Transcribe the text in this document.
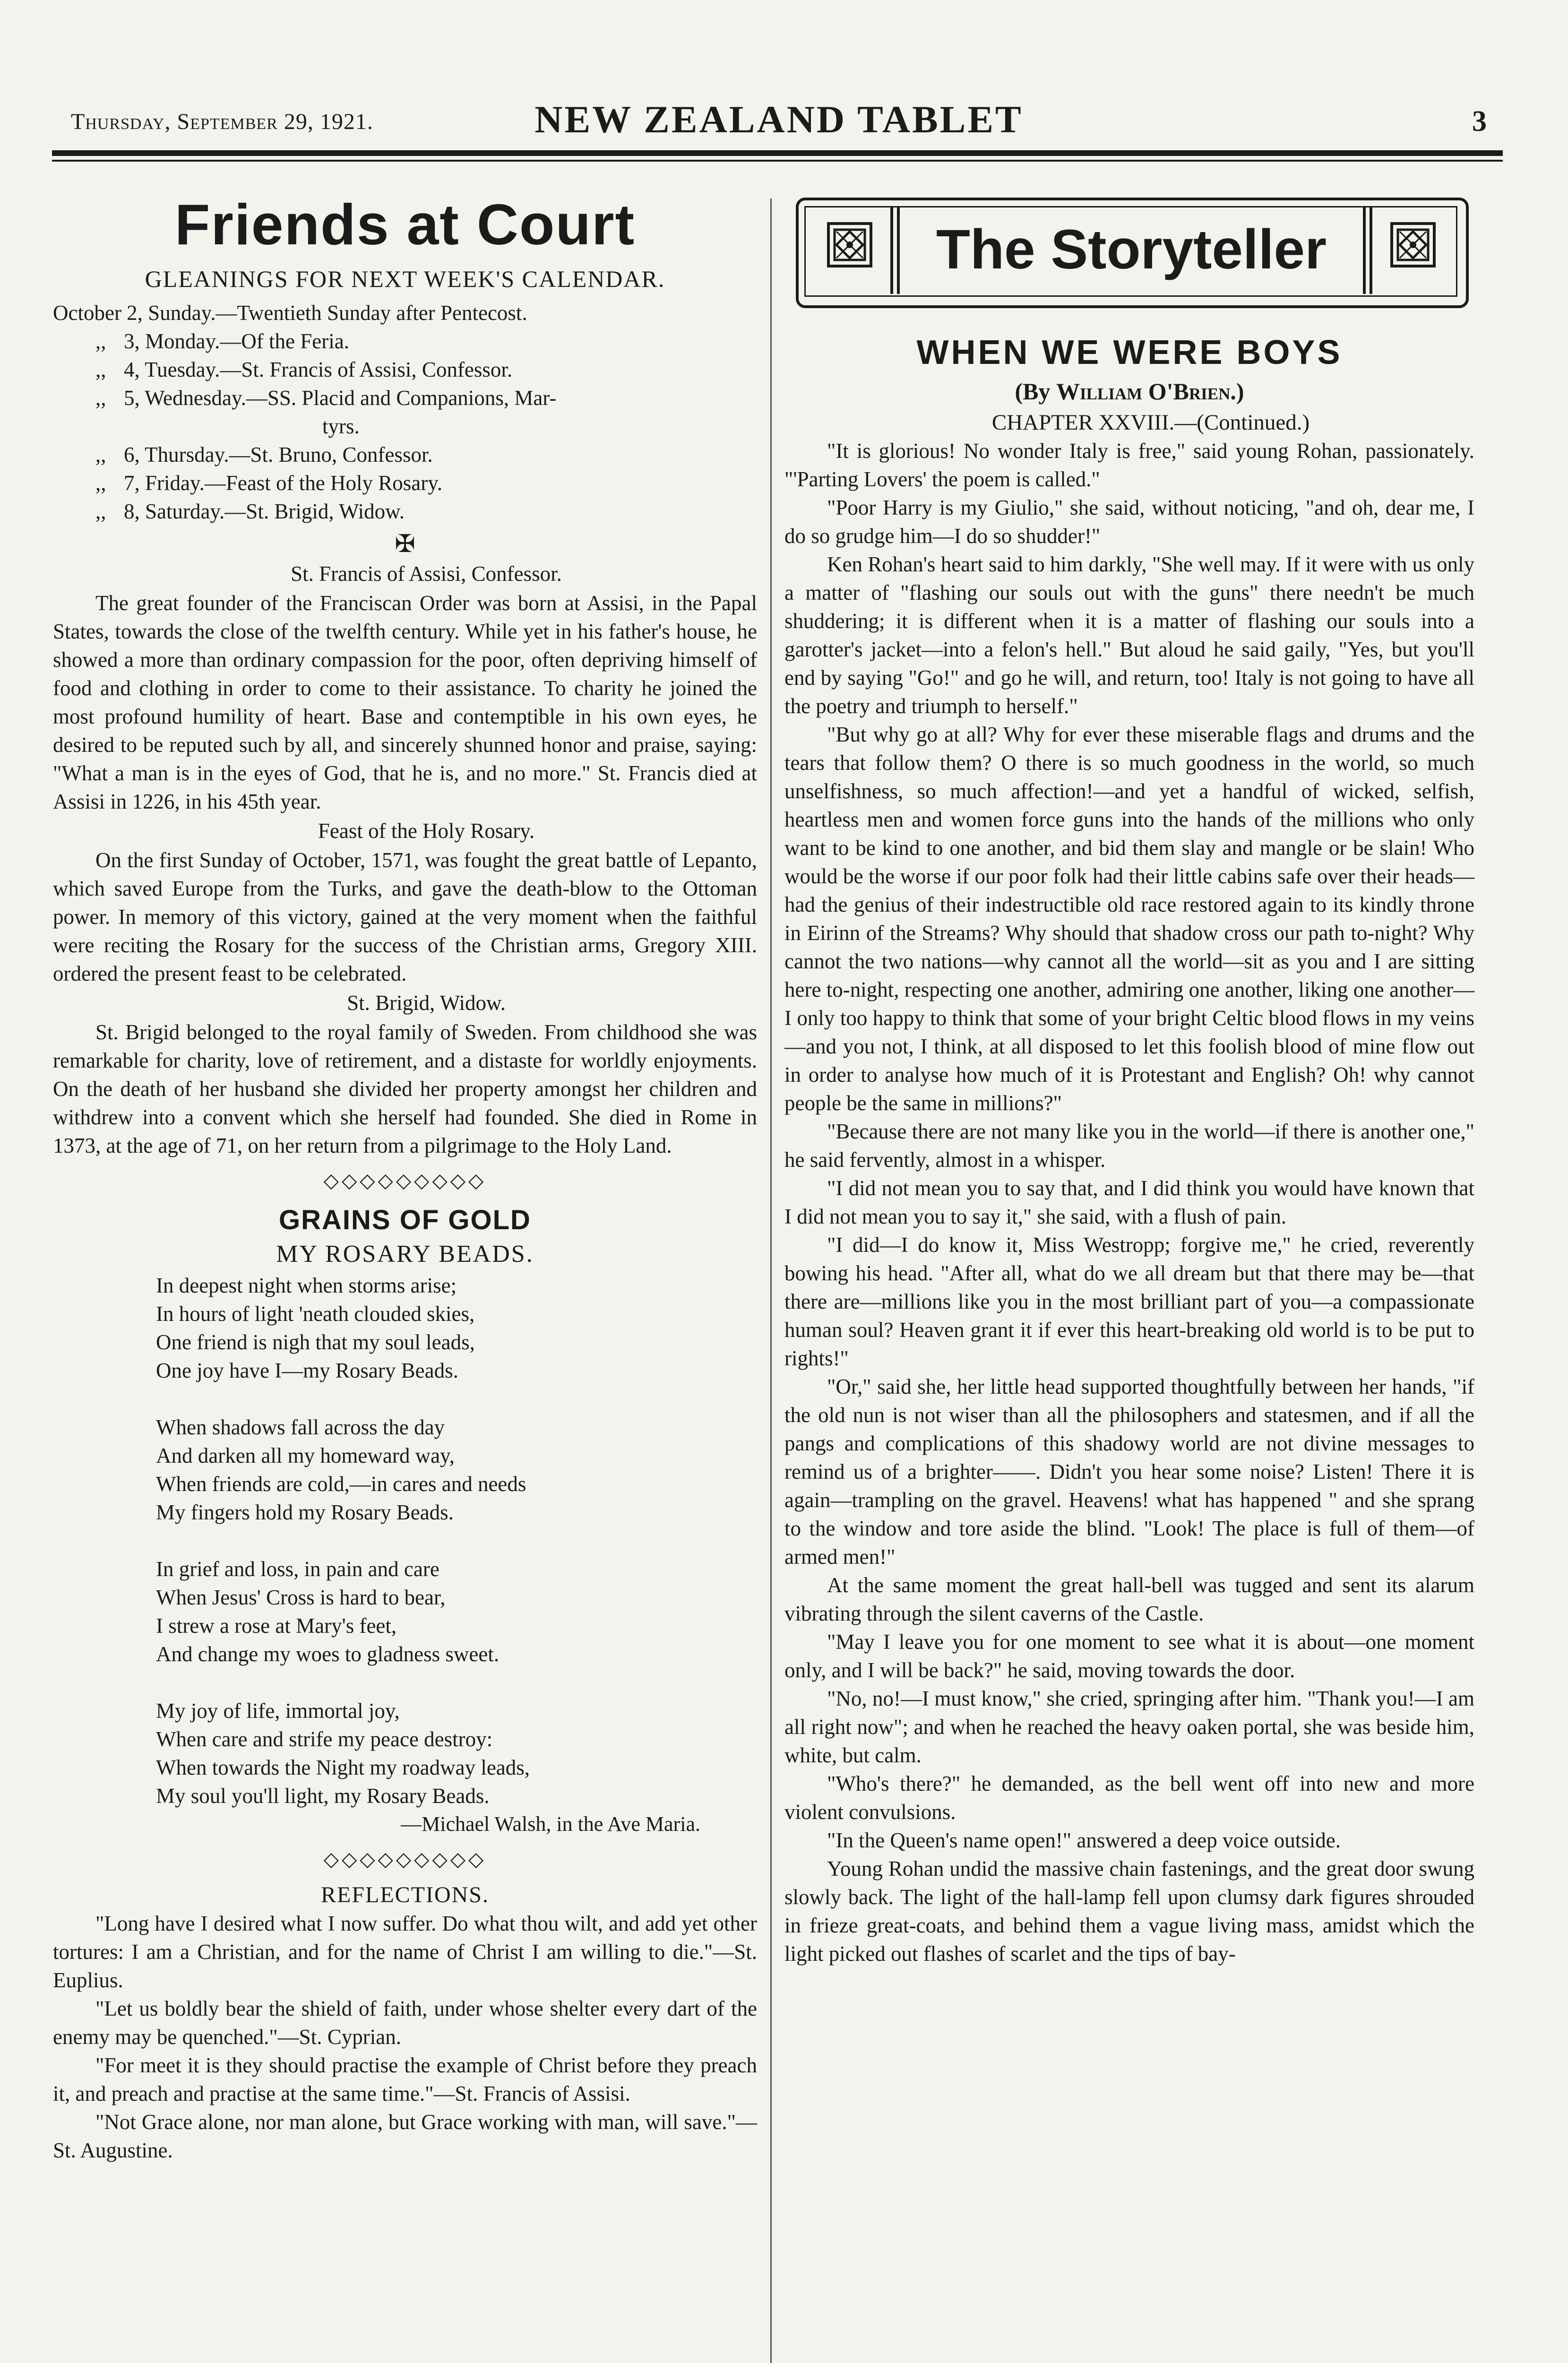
Thursday, September 29, 1921.	NEW ZEALAND TABLET	3
Friends at Court
GLEANINGS FOR NEXT WEEK'S CALENDAR.
October 2, Sunday.—Twentieth Sunday after Pentecost.
,, 3, Monday.—Of the Feria.
,, 4, Tuesday.—St. Francis of Assisi, Confessor.
,, 5, Wednesday.—SS. Placid and Companions, Mar-
tyrs.
,, 6, Thursday.—St. Bruno, Confessor.
,, 7, Friday.—Feast of the Holy Rosary.
,, 8, Saturday.—St. Brigid, Widow.
✠

St. Francis of Assisi, Confessor.

The great founder of the Franciscan Order was born at Assisi, in the Papal States, towards the close of the twelfth century. While yet in his father's house, he showed a more than ordinary compassion for the poor, often depriving himself of food and clothing in order to come to their assistance. To charity he joined the most profound humility of heart. Base and contemptible in his own eyes, he desired to be reputed such by all, and sincerely shunned honor and praise, saying: "What a man is in the eyes of God, that he is, and no more." St. Francis died at Assisi in 1226, in his 45th year.

Feast of the Holy Rosary.

On the first Sunday of October, 1571, was fought the great battle of Lepanto, which saved Europe from the Turks, and gave the death-blow to the Ottoman power. In memory of this victory, gained at the very moment when the faithful were reciting the Rosary for the success of the Christian arms, Gregory XIII. ordered the present feast to be celebrated.

St. Brigid, Widow.

St. Brigid belonged to the royal family of Sweden. From childhood she was remarkable for charity, love of retirement, and a distaste for worldly enjoyments. On the death of her husband she divided her property amongst her children and withdrew into a convent which she herself had founded. She died in Rome in 1373, at the age of 71, on her return from a pilgrimage to the Holy Land.

◇◇◇◇◇◇◇◇◇
GRAINS OF GOLD
MY ROSARY BEADS.
In deepest night when storms arise;
In hours of light 'neath clouded skies,
One friend is nigh that my soul leads,
One joy have I—my Rosary Beads.
When shadows fall across the day
And darken all my homeward way,
When friends are cold,—in cares and needs
My fingers hold my Rosary Beads.
In grief and loss, in pain and care
When Jesus' Cross is hard to bear,
I strew a rose at Mary's feet,
And change my woes to gladness sweet.
My joy of life, immortal joy,
When care and strife my peace destroy:
When towards the Night my roadway leads,
My soul you'll light, my Rosary Beads.
—Michael Walsh, in the Ave Maria.
◇◇◇◇◇◇◇◇◇
REFLECTIONS.

"Long have I desired what I now suffer. Do what thou wilt, and add yet other tortures: I am a Christian, and for the name of Christ I am willing to die."—St. Euplius.

"Let us boldly bear the shield of faith, under whose shelter every dart of the enemy may be quenched."—St. Cyprian.

"For meet it is they should practise the example of Christ before they preach it, and preach and practise at the same time."—St. Francis of Assisi.

"Not Grace alone, nor man alone, but Grace working with man, will save."—St. Augustine.

The Storyteller
WHEN WE WERE BOYS
(By William O'Brien.)

CHAPTER XXVIII.—(Continued.)

"It is glorious! No wonder Italy is free," said young Rohan, passionately. "'Parting Lovers' the poem is called."

"Poor Harry is my Giulio," she said, without noticing, "and oh, dear me, I do so grudge him—I do so shudder!"

Ken Rohan's heart said to him darkly, "She well may. If it were with us only a matter of "flashing our souls out with the guns" there needn't be much shuddering; it is different when it is a matter of flashing our souls into a garotter's jacket—into a felon's hell." But aloud he said gaily, "Yes, but you'll end by saying "Go!" and go he will, and return, too! Italy is not going to have all the poetry and triumph to herself."

"But why go at all? Why for ever these miserable flags and drums and the tears that follow them? O there is so much goodness in the world, so much unselfishness, so much affection!—and yet a handful of wicked, selfish, heartless men and women force guns into the hands of the millions who only want to be kind to one another, and bid them slay and mangle or be slain! Who would be the worse if our poor folk had their little cabins safe over their heads—had the genius of their indestructible old race restored again to its kindly throne in Eirinn of the Streams? Why should that shadow cross our path to-night? Why cannot the two nations—why cannot all the world—sit as you and I are sitting here to-night, respecting one another, admiring one another, liking one another—I only too happy to think that some of your bright Celtic blood flows in my veins—and you not, I think, at all disposed to let this foolish blood of mine flow out in order to analyse how much of it is Protestant and English? Oh! why cannot people be the same in millions?"

"Because there are not many like you in the world—if there is another one," he said fervently, almost in a whisper.

"I did not mean you to say that, and I did think you would have known that I did not mean you to say it," she said, with a flush of pain.

"I did—I do know it, Miss Westropp; forgive me," he cried, reverently bowing his head. "After all, what do we all dream but that there may be—that there are—millions like you in the most brilliant part of you—a compassionate human soul? Heaven grant it if ever this heart-breaking old world is to be put to rights!"

"Or," said she, her little head supported thoughtfully between her hands, "if the old nun is not wiser than all the philosophers and statesmen, and if all the pangs and complications of this shadowy world are not divine messages to remind us of a brighter——. Didn't you hear some noise? Listen! There it is again—trampling on the gravel. Heavens! what has happened " and she sprang to the window and tore aside the blind. "Look! The place is full of them—of armed men!"

At the same moment the great hall-bell was tugged and sent its alarum vibrating through the silent caverns of the Castle.

"May I leave you for one moment to see what it is about—one moment only, and I will be back?" he said, moving towards the door.

"No, no!—I must know," she cried, springing after him. "Thank you!—I am all right now"; and when he reached the heavy oaken portal, she was beside him, white, but calm.

"Who's there?" he demanded, as the bell went off into new and more violent convulsions.

"In the Queen's name open!" answered a deep voice outside.

Young Rohan undid the massive chain fastenings, and the great door swung slowly back. The light of the hall-lamp fell upon clumsy dark figures shrouded in frieze great-coats, and behind them a vague living mass, amidst which the light picked out flashes of scarlet and the tips of bay-
